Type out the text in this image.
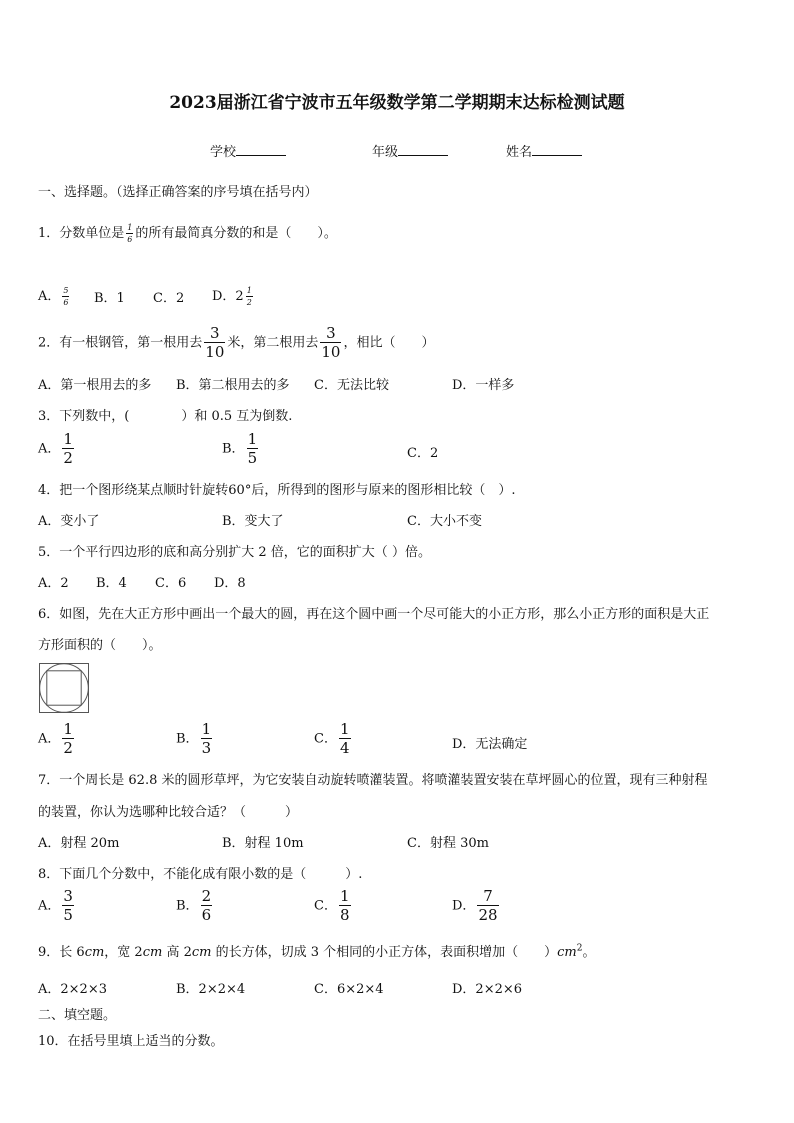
2023届浙江省宁波市五年级数学第二学期期末达标检测试题
学校	年级	姓名
一、选择题。（选择正确答案的序号填在括号内）
1．分数单位是 $\frac{1}{6}$ 的所有最简真分数的和是（　　）。
A． $\frac{5}{6}$ B．1 C．2 D．$2 \frac{1}{2}$
2．有一根钢管，第一根用去 $\frac{3}{10}$ 米，第二根用去 $\frac{3}{10}$ ，相比（　　）
A．第一根用去的多 B．第二根用去的多 C．无法比较	D．一样多
3．下列数中，(　　　　）和 0.5 互为倒数.
A． $\frac{1}{2}$	B． $\frac{1}{5}$	C．2
4．把一个图形绕某点顺时针旋转60°后，所得到的图形与原来的图形相比较（　）.
A．变小了	B．变大了	C．大小不变
5．一个平行四边形的底和高分别扩大 2 倍，它的面积扩大（ ）倍。
A．2 B．4 C．6 D．8
6．如图，先在大正方形中画出一个最大的圆，再在这个圆中画一个尽可能大的小正方形，那么小正方形的面积是大正
方形面积的（　　）。
A． $\frac{1}{2}$	B． $\frac{1}{3}$	C． $\frac{1}{4}$	D．无法确定
7．一个周长是 62.8 米的圆形草坪，为它安装自动旋转喷灌装置。将喷灌装置安装在草坪圆心的位置，现有三种射程
的装置，你认为选哪种比较合适？（　　　）
A．射程 20m	B．射程 10m	C．射程 30m
8．下面几个分数中，不能化成有限小数的是（　　　）.
A． $\frac{3}{5}$	B． $\frac{2}{6}$	C． $\frac{1}{8}$	D． $\frac{7}{28}$
9．长 6cm，宽 2cm 高 2cm 的长方体，切成 3 个相同的小正方体，表面积增加（　　）$cm^2$。
A．2×2×3	B．2×2×4	C．6×2×4	D．2×2×6
二、填空题。
10．在括号里填上适当的分数。
